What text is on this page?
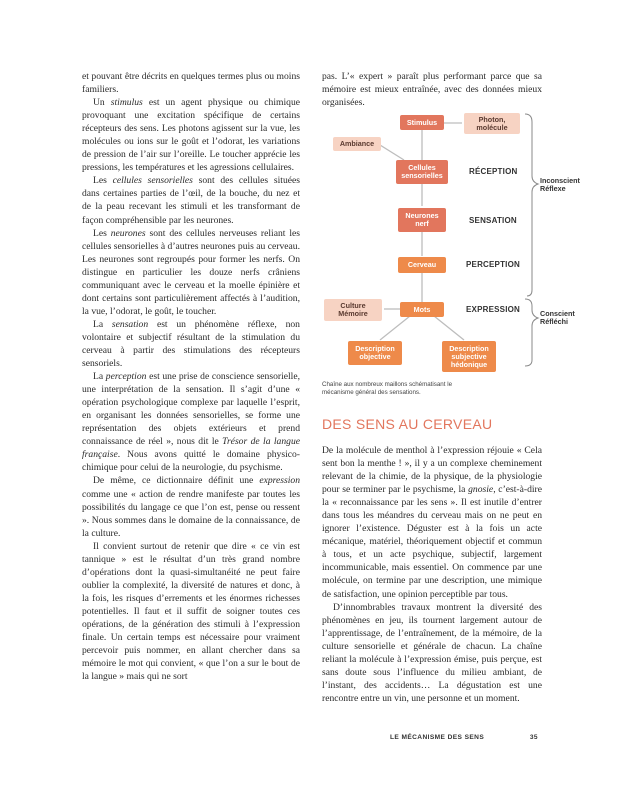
et pouvant être décrits en quelques termes plus ou moins familiers.

Un stimulus est un agent physique ou chimique provoquant une excitation spécifique de certains récepteurs des sens. Les photons agissent sur la vue, les molécules ou ions sur le goût et l’odorat, les variations de pression de l’air sur l’oreille. Le toucher apprécie les pressions, les températures et les agressions cellulaires.

Les cellules sensorielles sont des cellules situées dans certaines parties de l’œil, de la bouche, du nez et de la peau recevant les stimuli et les transformant de façon compréhensible par les neurones.

Les neurones sont des cellules nerveuses reliant les cellules sensorielles à d’autres neurones puis au cerveau. Les neurones sont regroupés pour former les nerfs. On distingue en particulier les douze nerfs crâniens communiquant avec le cerveau et la moelle épinière et dont certains sont particulièrement affectés à l’audition, la vue, l’odorat, le goût, le toucher.

La sensation est un phénomène réflexe, non volontaire et subjectif résultant de la stimulation du cerveau à partir des stimulations des récepteurs sensoriels.

La perception est une prise de conscience sensorielle, une interprétation de la sensation. Il s’agit d’une « opération psychologique complexe par laquelle l’esprit, en organisant les données sensorielles, se forme une représentation des objets extérieurs et prend connaissance de réel », nous dit le Trésor de la langue française. Nous avons quitté le domaine physico-chimique pour celui de la neurologie, du psychisme.

De même, ce dictionnaire définit une expression comme une « action de rendre manifeste par toutes les possibilités du langage ce que l’on est, pense ou ressent ». Nous sommes dans le domaine de la connaissance, de la culture.

Il convient surtout de retenir que dire « ce vin est tannique » est le résultat d’un très grand nombre d’opérations dont la quasi-simultanéité ne peut faire oublier la complexité, la diversité de natures et donc, à la fois, les risques d’errements et les énormes richesses potentielles. Il faut et il suffit de soigner toutes ces opérations, de la génération des stimuli à l’expression finale. Un certain temps est nécessaire pour vraiment percevoir puis nommer, en allant chercher dans sa mémoire le mot qui convient, « que l’on a sur le bout de la langue » mais qui ne sort

pas. L’« expert » paraît plus performant parce que sa mémoire est mieux entraînée, avec des données mieux organisées.

Stimulus	Photon,
molécule
Ambiance
Cellules
sensorielles	RÉCEPTION
Neurones
nerf	SENSATION
Cerveau	PERCEPTION
Culture
Mémoire	Mots	EXPRESSION
Description
objective
Description
subjective
hédonique
Inconscient
Réflexe
Conscient
Réfléchi
Chaîne aux nombreux maillons schématisant le mécanisme général des sensations.
DES SENS AU CERVEAU

De la molécule de menthol à l’expression réjouie « Cela sent bon la menthe ! », il y a un complexe cheminement relevant de la chimie, de la physique, de la physiologie pour se terminer par le psychisme, la gnosie, c’est-à-dire la « reconnaissance par les sens ». Il est inutile d’entrer dans tous les méandres du cerveau mais on ne peut en ignorer l’existence. Déguster est à la fois un acte mécanique, matériel, théoriquement objectif et commun à tous, et un acte psychique, subjectif, largement incommunicable, mais essentiel. On commence par une molécule, on termine par une description, une mimique de satisfaction, une opinion perceptible par tous.

D’innombrables travaux montrent la diversité des phénomènes en jeu, ils tournent largement autour de l’apprentissage, de l’entraînement, de la mémoire, de la culture sensorielle et générale de chacun. La chaîne reliant la molécule à l’expression émise, puis perçue, est sans doute sous l’influence du milieu ambiant, de l’instant, des accidents… La dégustation est une rencontre entre un vin, une personne et un moment.

LE MÉCANISME DES SENS	35
